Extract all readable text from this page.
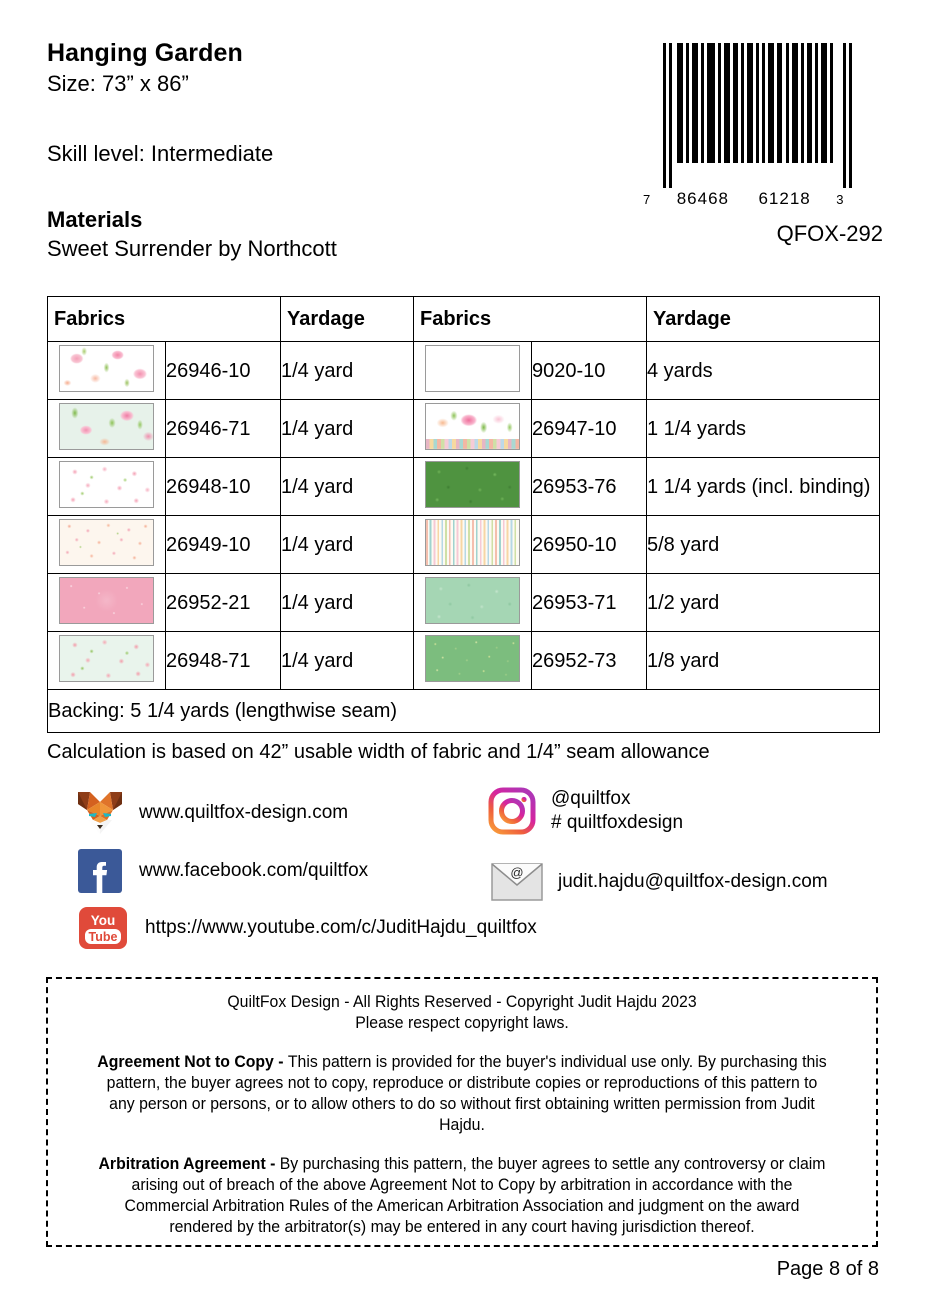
Hanging Garden
Size: 73” x 86”
Skill level: Intermediate
Materials
Sweet Surrender by Northcott
7 86468 61218 3
QFOX-292
Fabrics		Yardage	Fabrics		Yardage
	26946-10	1/4 yard		9020-10	4 yards
	26946-71	1/4 yard		26947-10	1 1/4 yards
	26948-10	1/4 yard		26953-76	1 1/4 yards (incl. binding)
	26949-10	1/4 yard		26950-10	5/8 yard
	26952-21	1/4 yard		26953-71	1/2 yard
	26948-71	1/4 yard		26952-73	1/8 yard
Backing: 5 1/4 yards (lengthwise seam)					
Calculation is based on 42” usable width of fabric and 1/4” seam allowance
www.quiltfox-design.com
www.facebook.com/quiltfox
You
Tube https://www.youtube.com/c/JuditHajdu_quiltfox
@quiltfox
# quiltfoxdesign
@ judit.hajdu@quiltfox-design.com
QuiltFox Design - All Rights Reserved - Copyright Judit Hajdu 2023
Please respect copyright laws.
Agreement Not to Copy - This pattern is provided for the buyer's individual use only. By purchasing this pattern, the buyer agrees not to copy, reproduce or distribute copies or reproductions of this pattern to any person or persons, or to allow others to do so without first obtaining written permission from Judit Hajdu.
Arbitration Agreement - By purchasing this pattern, the buyer agrees to settle any controversy or claim arising out of breach of the above Agreement Not to Copy by arbitration in accordance with the Commercial Arbitration Rules of the American Arbitration Association and judgment on the award rendered by the arbitrator(s) may be entered in any court having jurisdiction thereof.
Page 8 of 8
